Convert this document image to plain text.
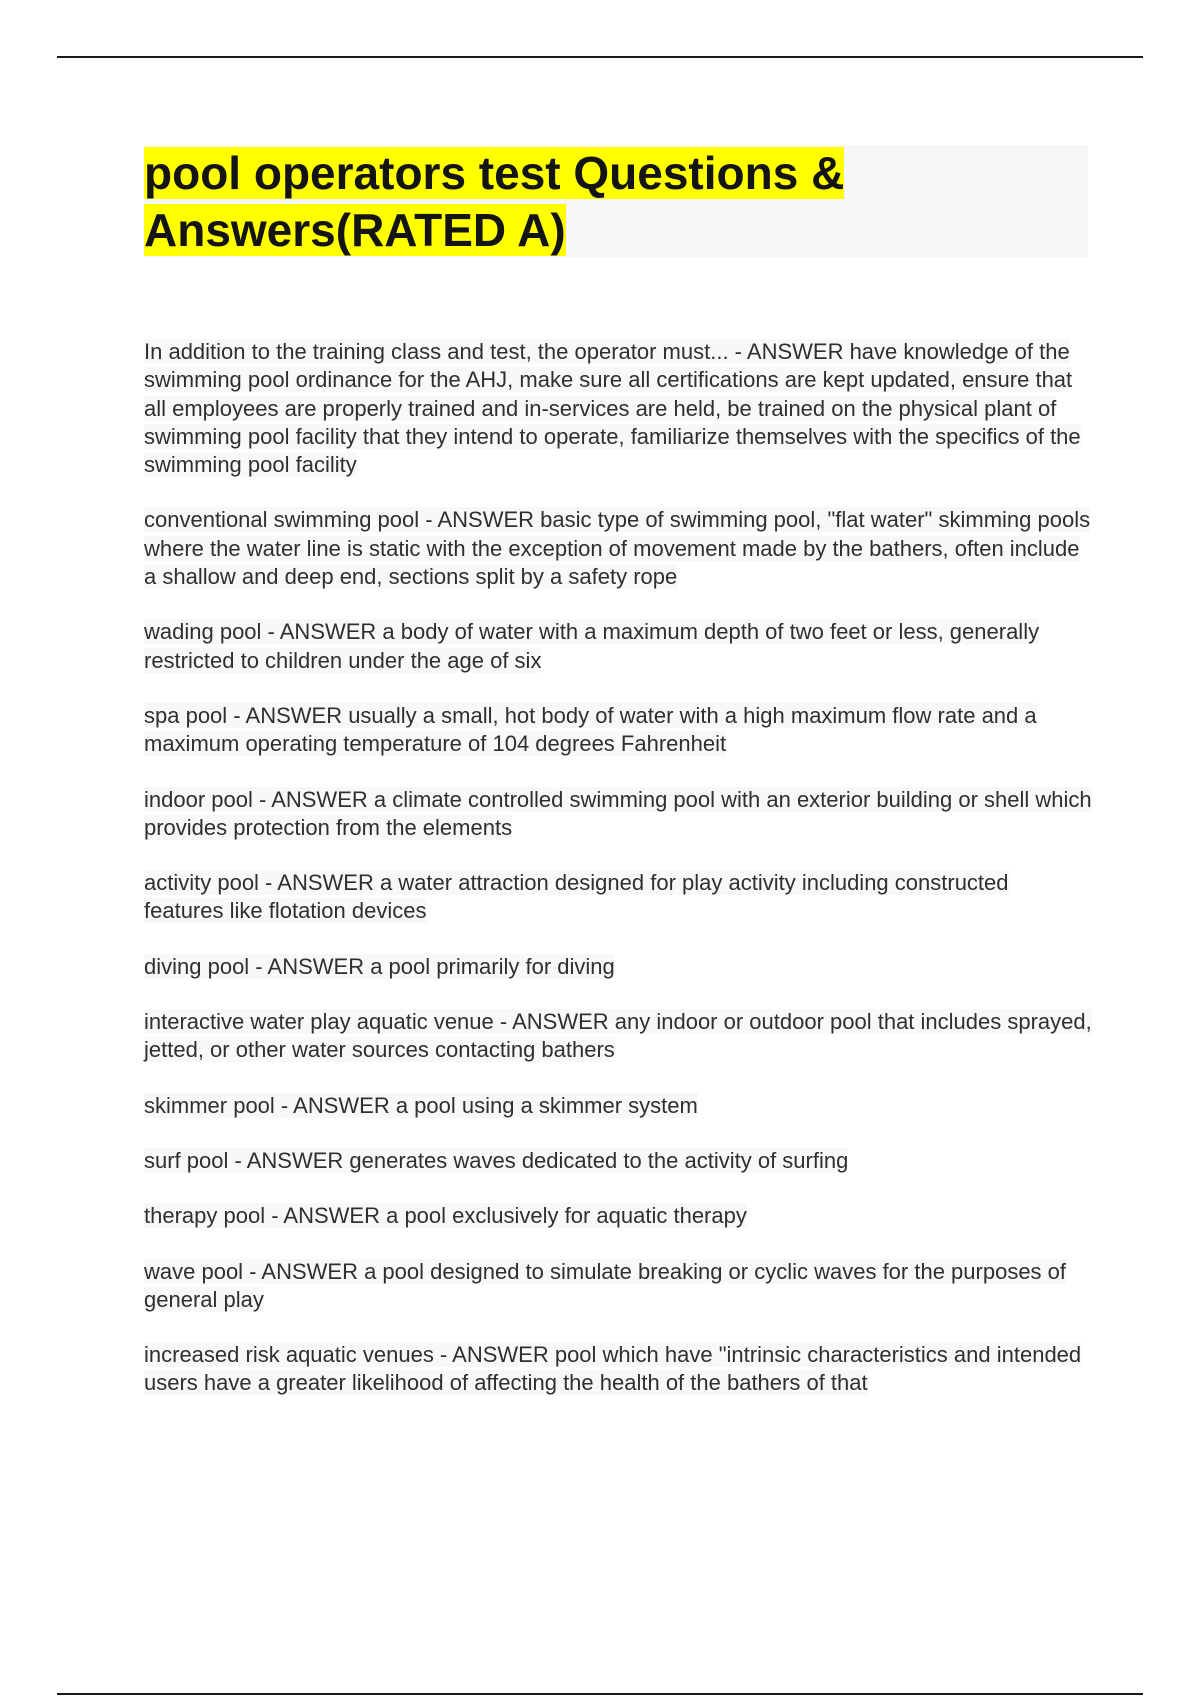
pool operators test Questions & Answers(RATED A)

In addition to the training class and test, the operator must... - ANSWER have knowledge of the swimming pool ordinance for the AHJ, make sure all certifications are kept updated, ensure that all employees are properly trained and in-services are held, be trained on the physical plant of swimming pool facility that they intend to operate, familiarize themselves with the specifics of the swimming pool facility

conventional swimming pool - ANSWER basic type of swimming pool, "flat water" skimming pools where the water line is static with the exception of movement made by the bathers, often include a shallow and deep end, sections split by a safety rope

wading pool - ANSWER a body of water with a maximum depth of two feet or less, generally restricted to children under the age of six

spa pool - ANSWER usually a small, hot body of water with a high maximum flow rate and a maximum operating temperature of 104 degrees Fahrenheit

indoor pool - ANSWER a climate controlled swimming pool with an exterior building or shell which provides protection from the elements

activity pool - ANSWER a water attraction designed for play activity including constructed features like flotation devices

diving pool - ANSWER a pool primarily for diving

interactive water play aquatic venue - ANSWER any indoor or outdoor pool that includes sprayed, jetted, or other water sources contacting bathers

skimmer pool - ANSWER a pool using a skimmer system

surf pool - ANSWER generates waves dedicated to the activity of surfing

therapy pool - ANSWER a pool exclusively for aquatic therapy

wave pool - ANSWER a pool designed to simulate breaking or cyclic waves for the purposes of general play

increased risk aquatic venues - ANSWER pool which have "intrinsic characteristics and intended users have a greater likelihood of affecting the health of the bathers of that
